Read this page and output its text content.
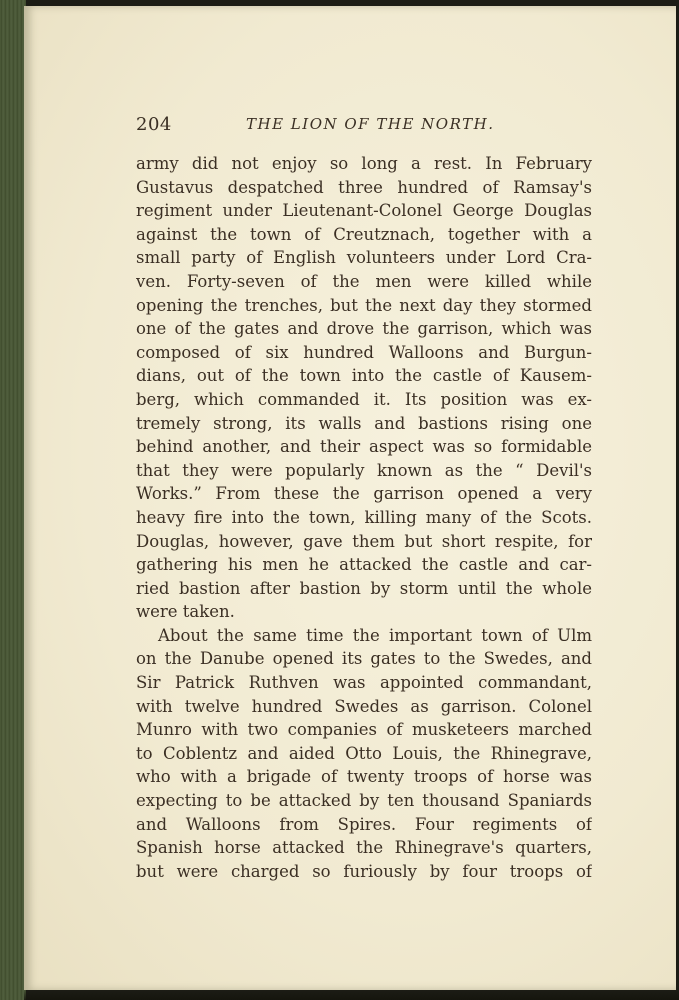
204	THE LION OF THE NORTH.
army did not enjoy so long a rest. In February
Gustavus despatched three hundred of Ramsay's
regiment under Lieutenant-Colonel George Douglas
against the town of Creutznach, together with a
small party of English volunteers under Lord Cra-
ven. Forty-seven of the men were killed while
opening the trenches, but the next day they stormed
one of the gates and drove the garrison, which was
composed of six hundred Walloons and Burgun-
dians, out of the town into the castle of Kausem-
berg, which commanded it. Its position was ex-
tremely strong, its walls and bastions rising one
behind another, and their aspect was so formidable
that they were popularly known as the “ Devil's
Works.” From these the garrison opened a very
heavy fire into the town, killing many of the Scots.
Douglas, however, gave them but short respite, for
gathering his men he attacked the castle and car-
ried bastion after bastion by storm until the whole
were taken.
About the same time the important town of Ulm
on the Danube opened its gates to the Swedes, and
Sir Patrick Ruthven was appointed commandant,
with twelve hundred Swedes as garrison. Colonel
Munro with two companies of musketeers marched
to Coblentz and aided Otto Louis, the Rhinegrave,
who with a brigade of twenty troops of horse was
expecting to be attacked by ten thousand Spaniards
and Walloons from Spires. Four regiments of
Spanish horse attacked the Rhinegrave's quarters,
but were charged so furiously by four troops of
